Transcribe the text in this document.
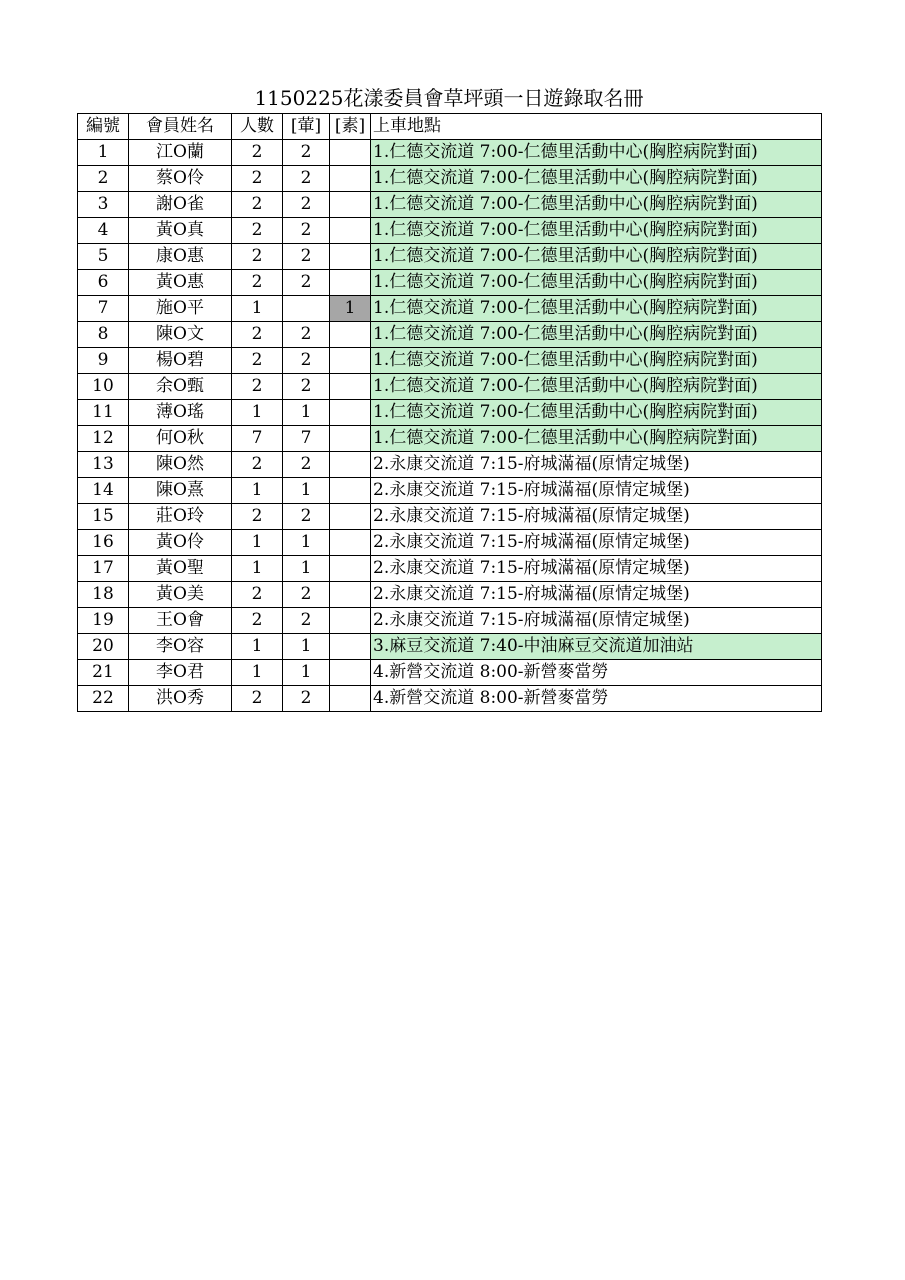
1150225花漾委員會草坪頭一日遊錄取名冊
編號	會員姓名	人數	[葷]	[素]	上車地點
1	江O蘭	2	2		1.仁德交流道 7:00-仁德里活動中心(胸腔病院對面)
2	蔡O伶	2	2		1.仁德交流道 7:00-仁德里活動中心(胸腔病院對面)
3	謝O雀	2	2		1.仁德交流道 7:00-仁德里活動中心(胸腔病院對面)
4	黃O真	2	2		1.仁德交流道 7:00-仁德里活動中心(胸腔病院對面)
5	康O惠	2	2		1.仁德交流道 7:00-仁德里活動中心(胸腔病院對面)
6	黃O惠	2	2		1.仁德交流道 7:00-仁德里活動中心(胸腔病院對面)
7	施O平	1		1	1.仁德交流道 7:00-仁德里活動中心(胸腔病院對面)
8	陳O文	2	2		1.仁德交流道 7:00-仁德里活動中心(胸腔病院對面)
9	楊O碧	2	2		1.仁德交流道 7:00-仁德里活動中心(胸腔病院對面)
10	余O甄	2	2		1.仁德交流道 7:00-仁德里活動中心(胸腔病院對面)
11	薄O瑤	1	1		1.仁德交流道 7:00-仁德里活動中心(胸腔病院對面)
12	何O秋	7	7		1.仁德交流道 7:00-仁德里活動中心(胸腔病院對面)
13	陳O然	2	2		2.永康交流道 7:15-府城滿福(原情定城堡)
14	陳O熹	1	1		2.永康交流道 7:15-府城滿福(原情定城堡)
15	莊O玲	2	2		2.永康交流道 7:15-府城滿福(原情定城堡)
16	黃O伶	1	1		2.永康交流道 7:15-府城滿福(原情定城堡)
17	黃O聖	1	1		2.永康交流道 7:15-府城滿福(原情定城堡)
18	黃O美	2	2		2.永康交流道 7:15-府城滿福(原情定城堡)
19	王O會	2	2		2.永康交流道 7:15-府城滿福(原情定城堡)
20	李O容	1	1		3.麻豆交流道 7:40-中油麻豆交流道加油站
21	李O君	1	1		4.新營交流道 8:00-新營麥當勞
22	洪O秀	2	2		4.新營交流道 8:00-新營麥當勞
